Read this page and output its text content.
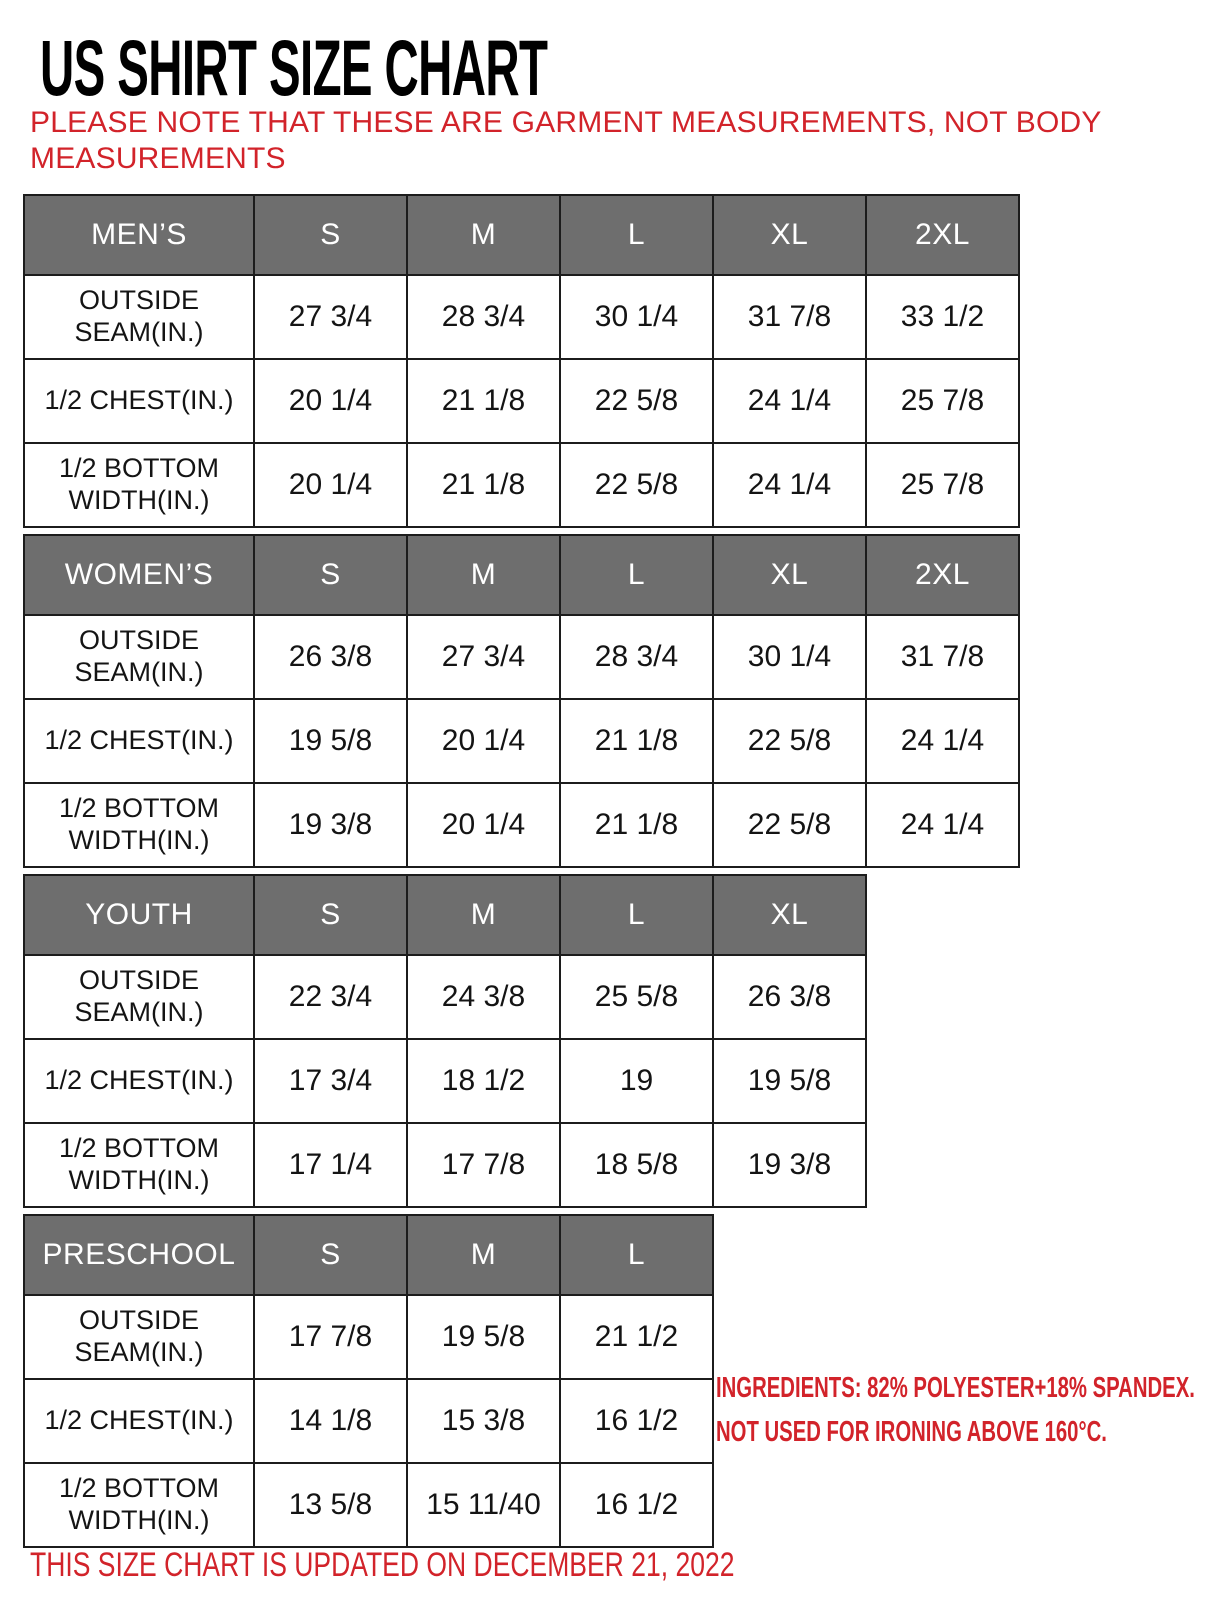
US SHIRT SIZE CHART
PLEASE NOTE THAT THESE ARE GARMENT MEASUREMENTS, NOT BODY
MEASUREMENTS
MEN’S	S	M	L	XL	2XL
OUTSIDE SEAM(IN.)	27 3/4	28 3/4	30 1/4	31 7/8	33 1/2
1/2 CHEST(IN.)	20 1/4	21 1/8	22 5/8	24 1/4	25 7/8
1/2 BOTTOM WIDTH(IN.)	20 1/4	21 1/8	22 5/8	24 1/4	25 7/8
WOMEN’S	S	M	L	XL	2XL
OUTSIDE SEAM(IN.)	26 3/8	27 3/4	28 3/4	30 1/4	31 7/8
1/2 CHEST(IN.)	19 5/8	20 1/4	21 1/8	22 5/8	24 1/4
1/2 BOTTOM WIDTH(IN.)	19 3/8	20 1/4	21 1/8	22 5/8	24 1/4
YOUTH	S	M	L	XL
OUTSIDE SEAM(IN.)	22 3/4	24 3/8	25 5/8	26 3/8
1/2 CHEST(IN.)	17 3/4	18 1/2	19	19 5/8
1/2 BOTTOM WIDTH(IN.)	17 1/4	17 7/8	18 5/8	19 3/8
PRESCHOOL	S	M	L
OUTSIDE SEAM(IN.)	17 7/8	19 5/8	21 1/2
1/2 CHEST(IN.)	14 1/8	15 3/8	16 1/2
1/2 BOTTOM WIDTH(IN.)	13 5/8	15 11/40	16 1/2
INGREDIENTS: 82% POLYESTER+18% SPANDEX.
NOT USED FOR IRONING ABOVE 160°C.
THIS SIZE CHART IS UPDATED ON DECEMBER 21, 2022
